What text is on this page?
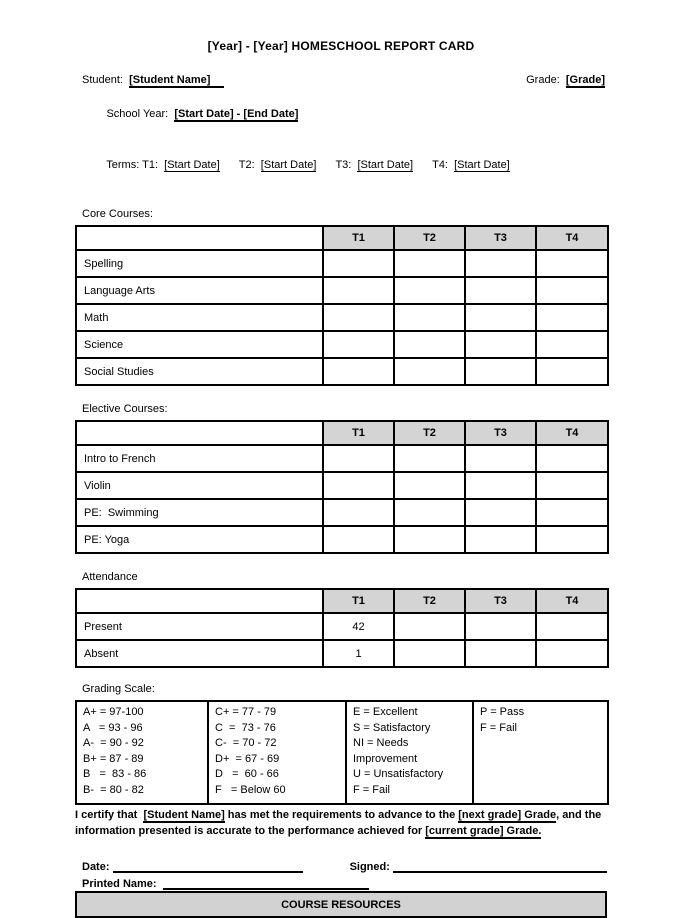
[Year] - [Year] HOMESCHOOL REPORT CARD
Student:  [Student Name]	Grade:  [Grade]

School Year:  [Start Date] - [End Date]

Terms: T1:  [Start Date] T2:  [Start Date] T3:  [Start Date] T4:  [Start Date]

Core Courses:
	T1	T2	T3	T4
Spelling				
Language Arts				
Math				
Science				
Social Studies				
Elective Courses:
	T1	T2	T3	T4
Intro to French				
Violin				
PE:  Swimming				
PE: Yoga				
Attendance
	T1	T2	T3	T4
Present	42			
Absent	1			
Grading Scale:
A+ = 97-100
A   = 93 - 96
A-  = 90 - 92
B+ = 87 - 89
B   =  83 - 86
B-  = 80 - 82

C+ = 77 - 79
C  =  73 - 76
C-  = 70 - 72
D+  = 67 - 69
D   =  60 - 66
F   = Below 60

E = Excellent
S = Satisfactory
NI = Needs
Improvement
U = Unsatisfactory
F = Fail

P = Pass
F = Fail

I certify that  [Student Name] has met the requirements to advance to the [next grade] Grade, and the information presented is accurate to the performance achieved for [current grade] Grade.

Date:	Signed:
Printed Name:
COURSE RESOURCES
